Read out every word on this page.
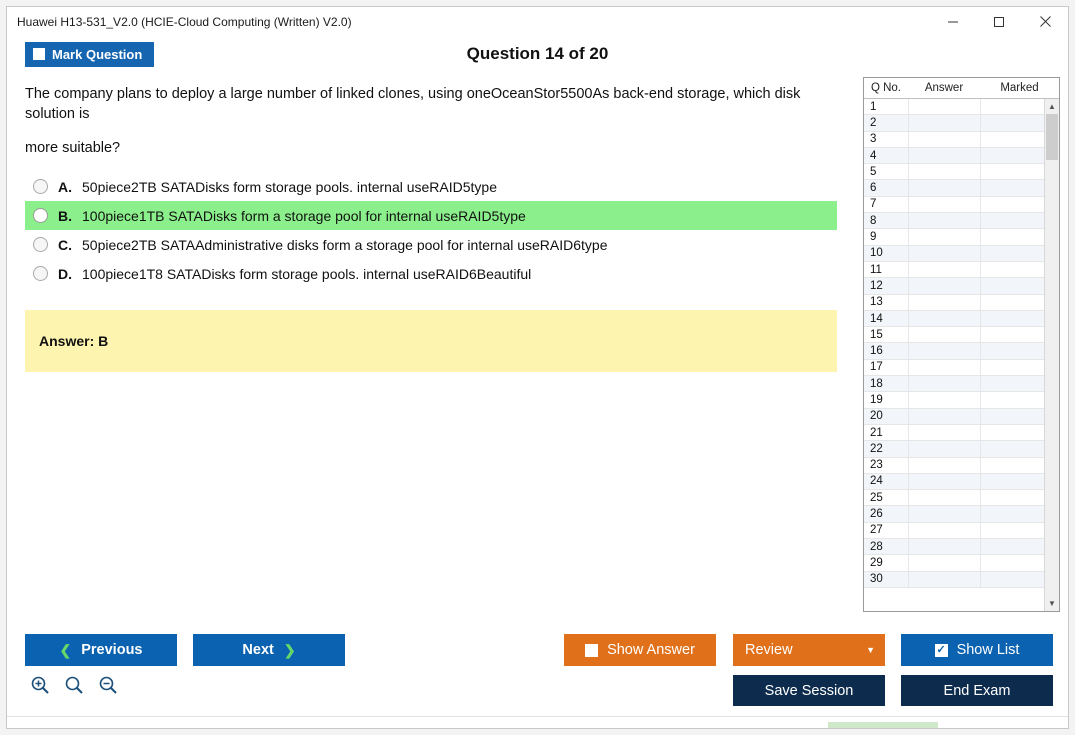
Huawei H13-531_V2.0 (HCIE-Cloud Computing (Written) V2.0)
Mark Question	Question 14 of 20
The company plans to deploy a large number of linked clones, using oneOceanStor5500As back-end storage, which disk solution is
more suitable?
A. 50piece2TB SATADisks form storage pools. internal useRAID5type
B. 100piece1TB SATADisks form a storage pool for internal useRAID5type
C. 50piece2TB SATAAdministrative disks form a storage pool for internal useRAID6type
D. 100piece1T8 SATADisks form storage pools. internal useRAID6Beautiful
Answer: B
Q No.	Answer	Marked
1
2
3
4
5
6
7
8
9
10
11
12
13
14
15
16
17
18
19
20
21
22
23
24
25
26
27
28
29
30
▲
▼
❮ Previous	Next ❯	Show Answer	Review	▼	✓ Show List
Save Session	End Exam
